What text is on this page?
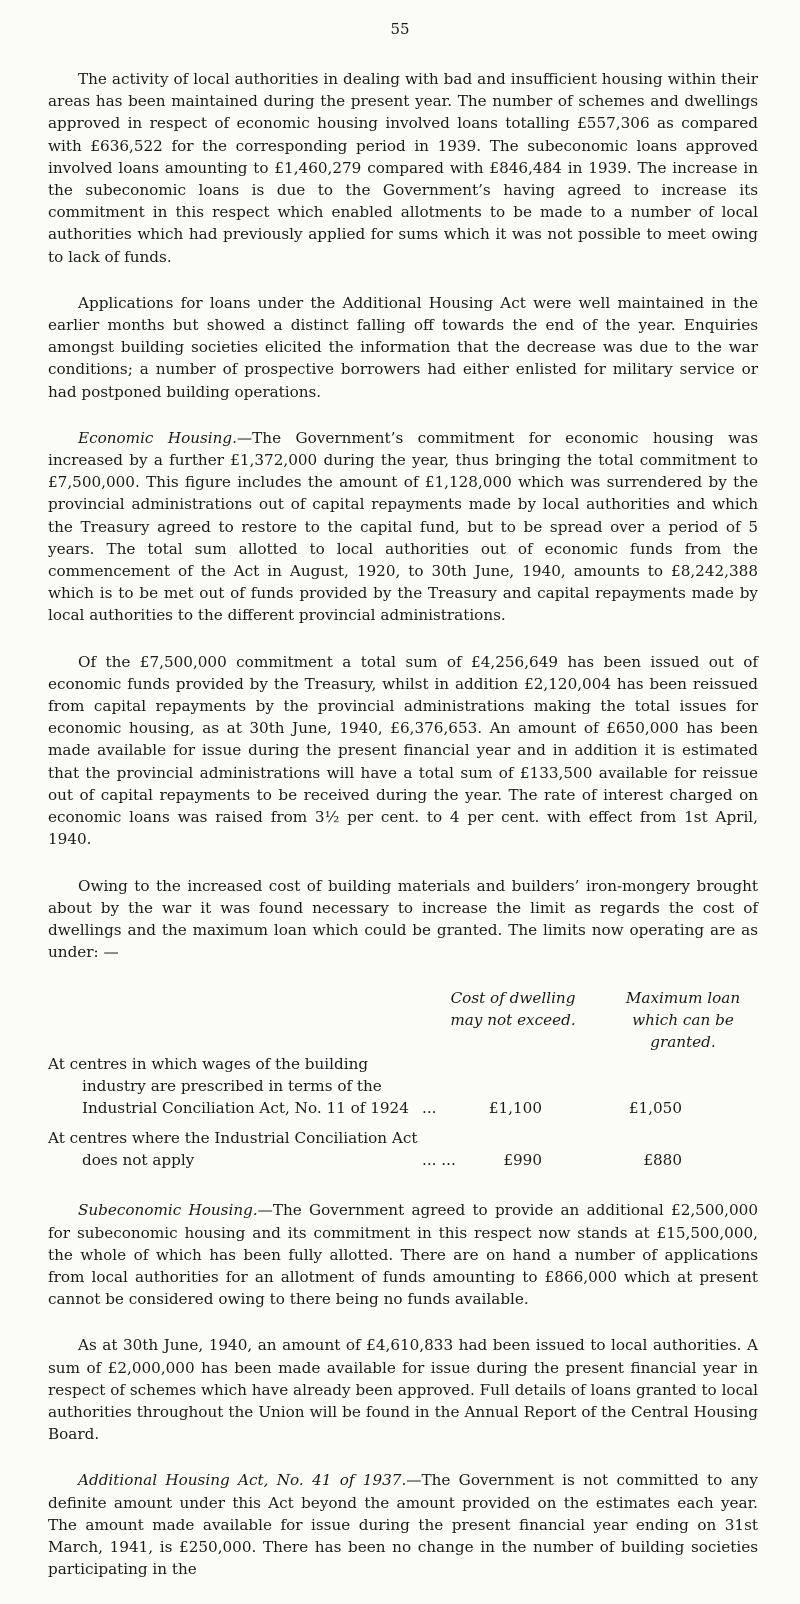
55

The activity of local authorities in dealing with bad and insufficient housing within their areas has been maintained during the present year. The number of schemes and dwellings approved in respect of economic housing involved loans totalling £557,306 as compared with £636,522 for the corresponding period in 1939. The subeconomic loans approved involved loans amounting to £1,460,279 compared with £846,484 in 1939. The increase in the subeconomic loans is due to the Government’s having agreed to increase its commitment in this respect which enabled allotments to be made to a number of local authorities which had previously applied for sums which it was not possible to meet owing to lack of funds.

Applications for loans under the Additional Housing Act were well maintained in the earlier months but showed a distinct falling off towards the end of the year. Enquiries amongst building societies elicited the information that the decrease was due to the war conditions; a number of prospective borrowers had either enlisted for military service or had postponed building operations.

Economic Housing.—The Government’s commitment for economic housing was increased by a further £1,372,000 during the year, thus bringing the total commitment to £7,500,000. This figure includes the amount of £1,128,000 which was surrendered by the provincial administrations out of capital repayments made by local authorities and which the Treasury agreed to restore to the capital fund, but to be spread over a period of 5 years. The total sum allotted to local authorities out of economic funds from the commencement of the Act in August, 1920, to 30th June, 1940, amounts to £8,242,388 which is to be met out of funds provided by the Treasury and capital repayments made by local authorities to the different provincial administrations.

Of the £7,500,000 commitment a total sum of £4,256,649 has been issued out of economic funds provided by the Treasury, whilst in addition £2,120,004 has been reissued from capital repayments by the provincial administrations making the total issues for economic housing, as at 30th June, 1940, £6,376,653. An amount of £650,000 has been made available for issue during the present financial year and in addition it is estimated that the provincial administrations will have a total sum of £133,500 available for reissue out of capital repayments to be received during the year. The rate of interest charged on economic loans was raised from 3½ per cent. to 4 per cent. with effect from 1st April, 1940.

Owing to the increased cost of building materials and builders’ iron-mongery brought about by the war it was found necessary to increase the limit as regards the cost of dwellings and the maximum loan which could be granted. The limits now operating are as under: —

Cost of dwelling may not exceed.
Maximum loan which can be granted.
At centres in which wages of the building industry are prescribed in terms of the Industrial Conciliation Act, No. 11 of 1924 ...	£1,100	£1,050
At centres where the Industrial Conciliation Act does not apply	... ...	£990	£880

Subeconomic Housing.—The Government agreed to provide an additional £2,500,000 for subeconomic housing and its commitment in this respect now stands at £15,500,000, the whole of which has been fully allotted. There are on hand a number of applications from local authorities for an allotment of funds amounting to £866,000 which at present cannot be considered owing to there being no funds available.

As at 30th June, 1940, an amount of £4,610,833 had been issued to local authorities. A sum of £2,000,000 has been made available for issue during the present financial year in respect of schemes which have already been approved. Full details of loans granted to local authorities throughout the Union will be found in the Annual Report of the Central Housing Board.

Additional Housing Act, No. 41 of 1937.—The Government is not committed to any definite amount under this Act beyond the amount provided on the estimates each year. The amount made available for issue during the present financial year ending on 31st March, 1941, is £250,000. There has been no change in the number of building societies participating in the
